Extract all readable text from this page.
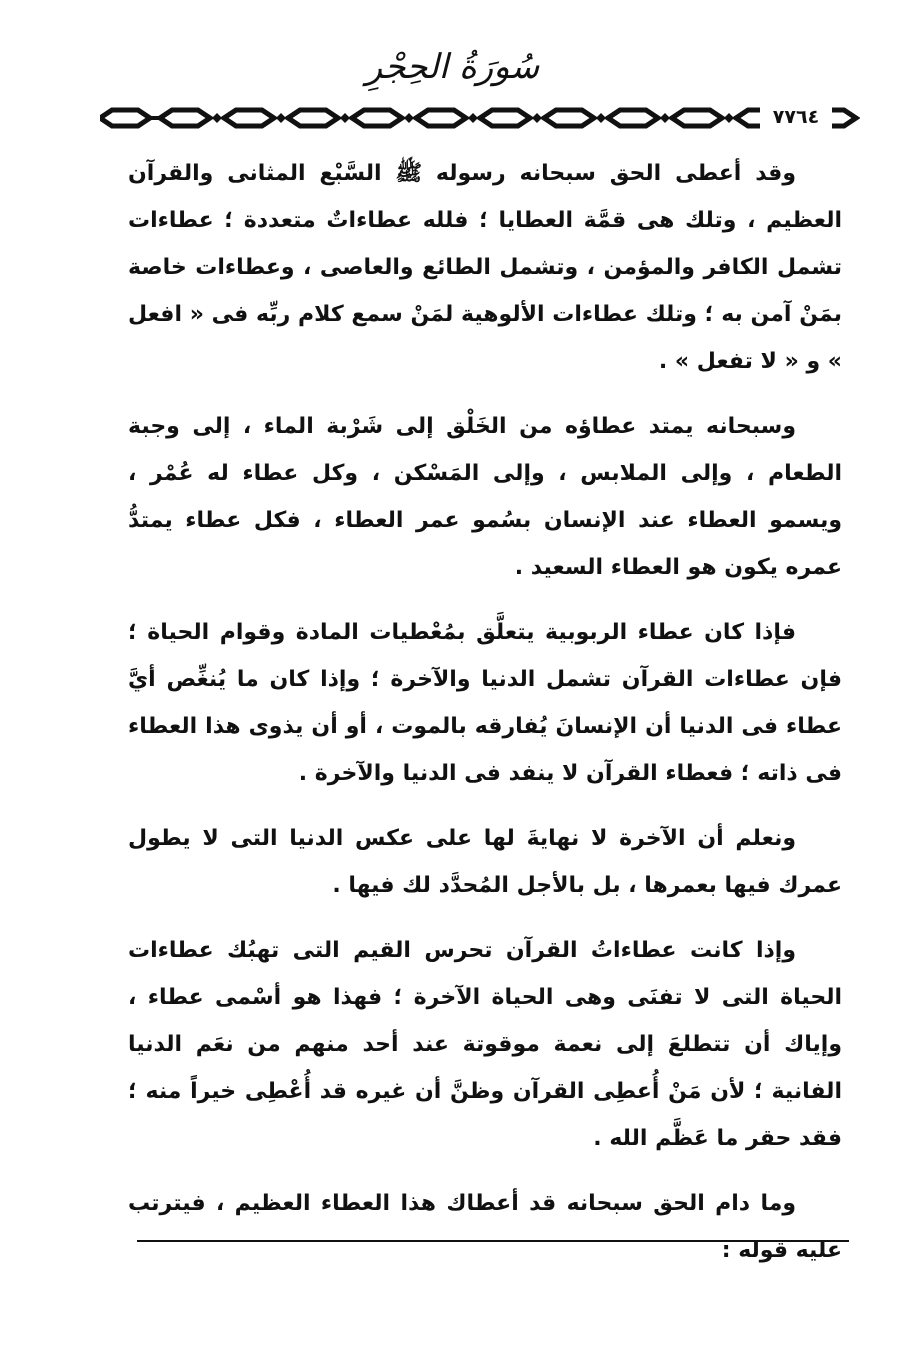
سُورَةُ الحِجْرِ
٧٧٦٤

وقد أعطى الحق سبحانه رسوله ﷺ السَّبْع المثانى والقرآن العظيم ، وتلك هى قمَّة العطايا ؛ فلله عطاءاتٌ متعددة ؛ عطاءات تشمل الكافر والمؤمن ، وتشمل الطائع والعاصى ، وعطاءات خاصة بمَنْ آمن به ؛ وتلك عطاءات الألوهية لمَنْ سمع كلام ربِّه فى « افعل » و « لا تفعل » .

وسبحانه يمتد عطاؤه من الخَلْق إلى شَرْبة الماء ، إلى وجبة الطعام ، وإلى الملابس ، وإلى المَسْكن ، وكل عطاء له عُمْر ، ويسمو العطاء عند الإنسان بسُمو عمر العطاء ، فكل عطاء يمتدُّ عمره يكون هو العطاء السعيد .

فإذا كان عطاء الربوبية يتعلَّق بمُعْطيات المادة وقوام الحياة ؛ فإن عطاءات القرآن تشمل الدنيا والآخرة ؛ وإذا كان ما يُنغِّص أيَّ عطاء فى الدنيا أن الإنسانَ يُفارقه بالموت ، أو أن يذوى هذا العطاء فى ذاته ؛ فعطاء القرآن لا ينفد فى الدنيا والآخرة .

ونعلم أن الآخرة لا نهايةَ لها على عكس الدنيا التى لا يطول عمرك فيها بعمرها ، بل بالأجل المُحدَّد لك فيها .

وإذا كانت عطاءاتُ القرآن تحرس القيم التى تهبُك عطاءات الحياة التى لا تفنَى وهى الحياة الآخرة ؛ فهذا هو أسْمى عطاء ، وإياك أن تتطلعَ إلى نعمة موقوتة عند أحد منهم من نعَم الدنيا الفانية ؛ لأن مَنْ أُعطِى القرآن وظنَّ أن غيره قد أُعْطِى خيراً منه ؛ فقد حقر ما عَظَّم الله .

وما دام الحق سبحانه قد أعطاك هذا العطاء العظيم ، فيترتب عليه قوله :
